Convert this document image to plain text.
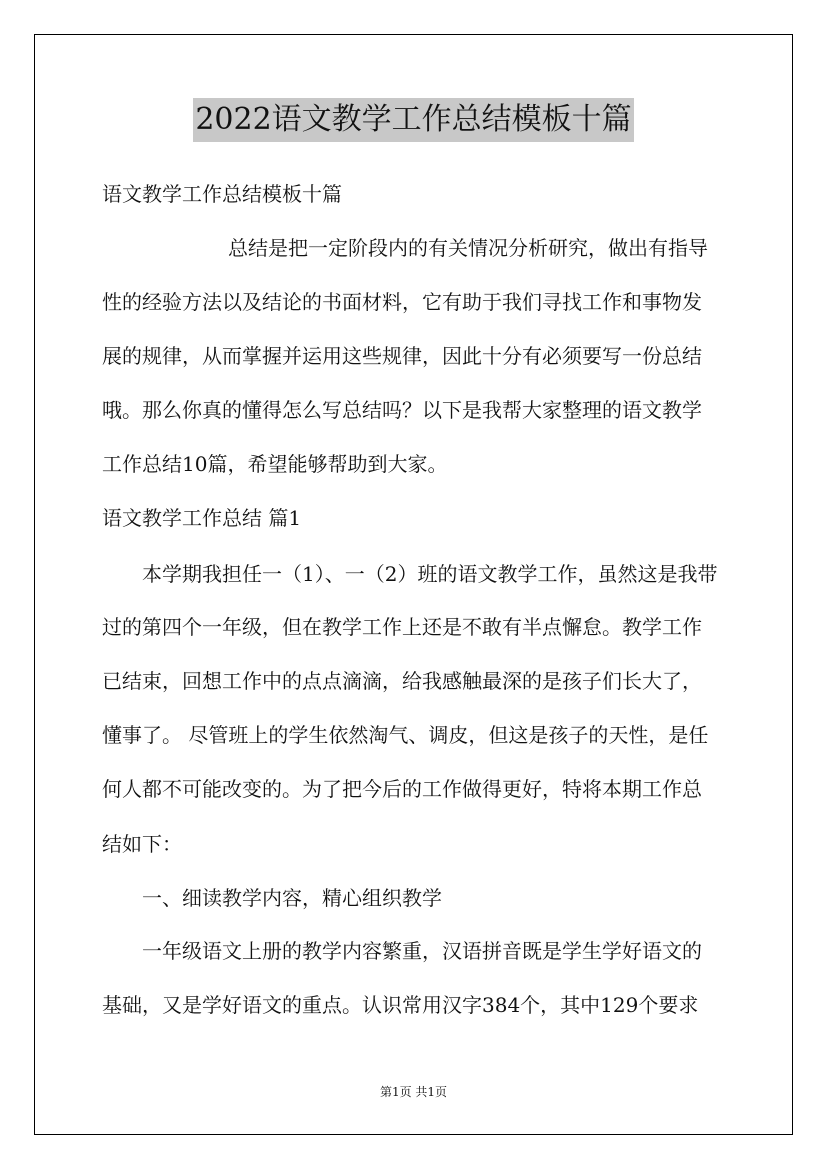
2022语文教学工作总结模板十篇
语文教学工作总结模板十篇
总结是把一定阶段内的有关情况分析研究，做出有指导
性的经验方法以及结论的书面材料，它有助于我们寻找工作和事物发
展的规律，从而掌握并运用这些规律，因此十分有必须要写一份总结
哦。那么你真的懂得怎么写总结吗？以下是我帮大家整理的语文教学
工作总结10篇，希望能够帮助到大家。
语文教学工作总结 篇1
本学期我担任一（1）、一（2）班的语文教学工作，虽然这是我带
过的第四个一年级，但在教学工作上还是不敢有半点懈怠。教学工作
已结束，回想工作中的点点滴滴，给我感触最深的是孩子们长大了，
懂事了。 尽管班上的学生依然淘气、调皮，但这是孩子的天性，是任
何人都不可能改变的。为了把今后的工作做得更好，特将本期工作总
结如下：
一、细读教学内容，精心组织教学
一年级语文上册的教学内容繁重，汉语拼音既是学生学好语文的
基础，又是学好语文的重点。认识常用汉字384个，其中129个要求
第1页 共1页
